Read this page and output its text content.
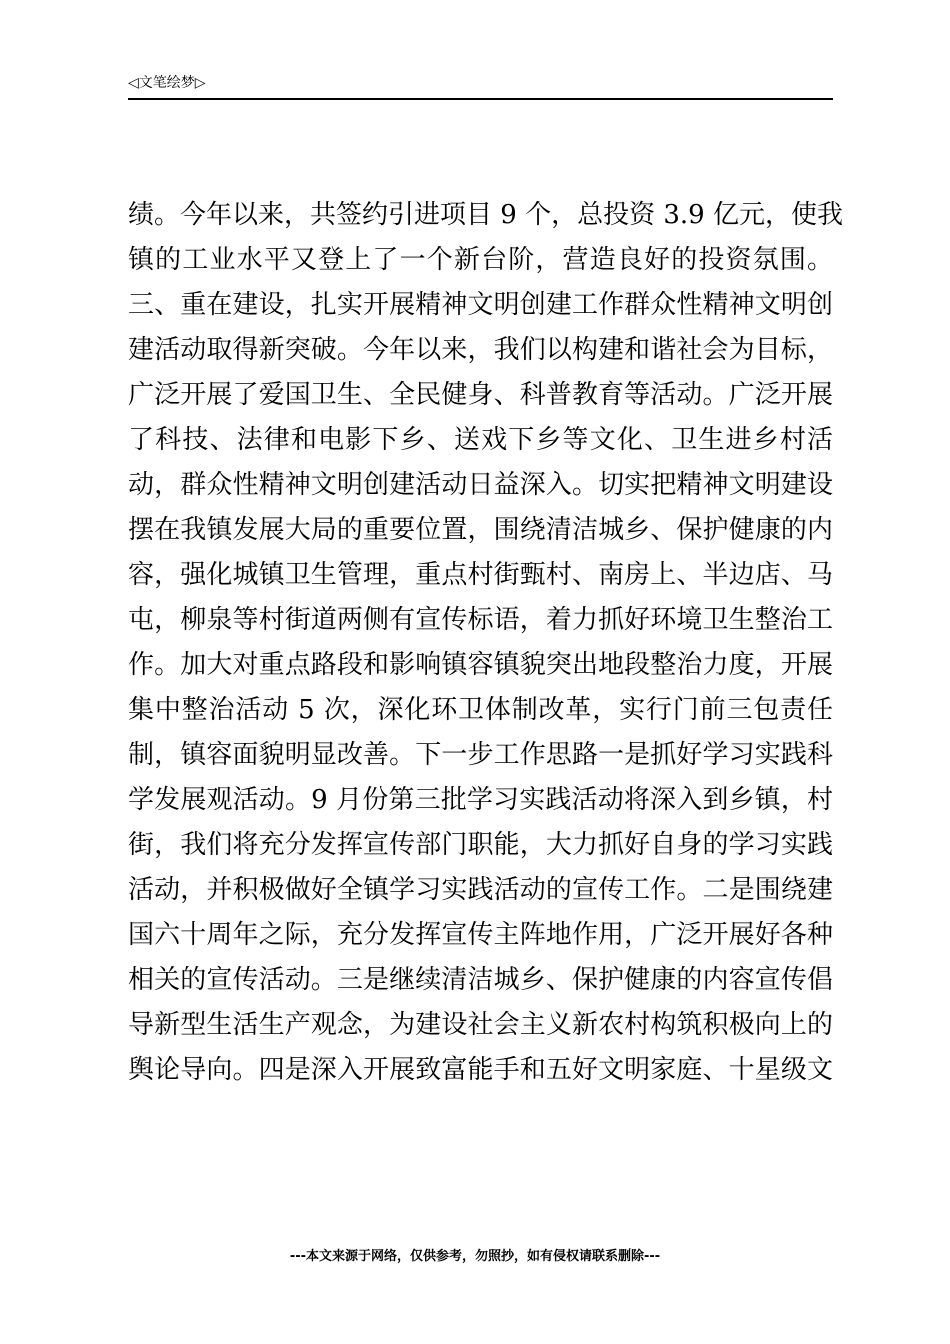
◁文笔绘梦▷
绩。今年以来，共签约引进项目 9 个，总投资 3.9 亿元，使我
镇的工业水平又登上了一个新台阶，营造良好的投资氛围。
三、重在建设，扎实开展精神文明创建工作群众性精神文明创
建活动取得新突破。今年以来，我们以构建和谐社会为目标，
广泛开展了爱国卫生、全民健身、科普教育等活动。广泛开展
了科技、法律和电影下乡、送戏下乡等文化、卫生进乡村活
动，群众性精神文明创建活动日益深入。切实把精神文明建设
摆在我镇发展大局的重要位置，围绕清洁城乡、保护健康的内
容，强化城镇卫生管理，重点村街甄村、南房上、半边店、马
屯，柳泉等村街道两侧有宣传标语，着力抓好环境卫生整治工
作。加大对重点路段和影响镇容镇貌突出地段整治力度，开展
集中整治活动 5 次，深化环卫体制改革，实行门前三包责任
制，镇容面貌明显改善。下一步工作思路一是抓好学习实践科
学发展观活动。9 月份第三批学习实践活动将深入到乡镇，村
街，我们将充分发挥宣传部门职能，大力抓好自身的学习实践
活动，并积极做好全镇学习实践活动的宣传工作。二是围绕建
国六十周年之际，充分发挥宣传主阵地作用，广泛开展好各种
相关的宣传活动。三是继续清洁城乡、保护健康的内容宣传倡
导新型生活生产观念，为建设社会主义新农村构筑积极向上的
舆论导向。四是深入开展致富能手和五好文明家庭、十星级文
---本文来源于网络，仅供参考，勿照抄，如有侵权请联系删除---
